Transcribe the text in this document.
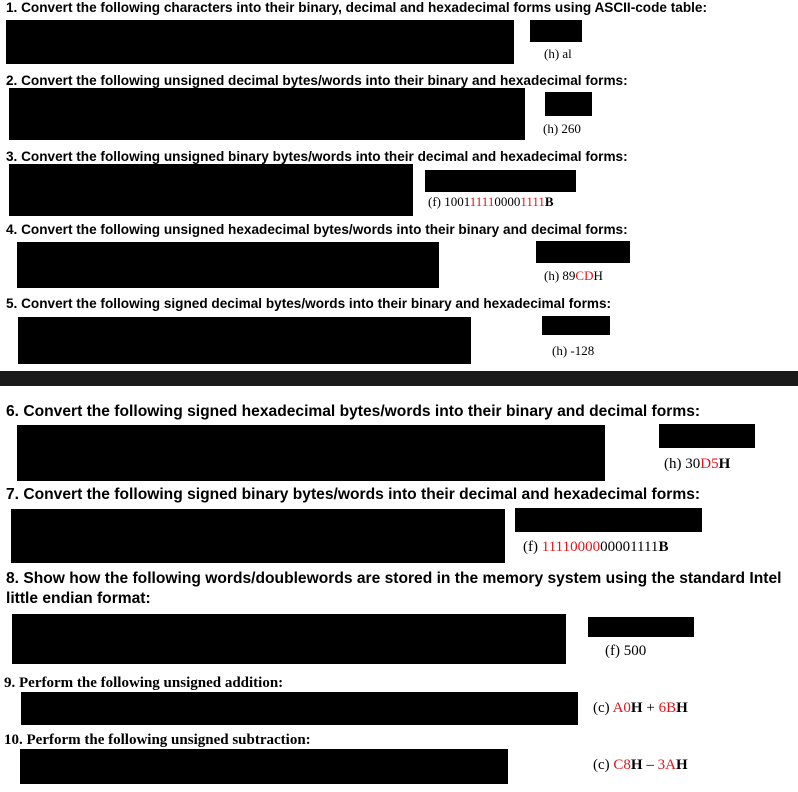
1. Convert the following characters into their binary, decimal and hexadecimal forms using ASCII-code table:
(h) al
2. Convert the following unsigned decimal bytes/words into their binary and hexadecimal forms:
(h) 260
3. Convert the following unsigned binary bytes/words into their decimal and hexadecimal forms:
(f) 1001111100001111B
4. Convert the following unsigned hexadecimal bytes/words into their binary and decimal forms:
(h) 89CDH
5. Convert the following signed decimal bytes/words into their binary and hexadecimal forms:
(h) -128
6. Convert the following signed hexadecimal bytes/words into their binary and decimal forms:
(h) 30D5H
7. Convert the following signed binary bytes/words into their decimal and hexadecimal forms:
(f) 1111000000001111B
8. Show how the following words/doublewords are stored in the memory system using the standard Intel little endian format:
(f) 500
9. Perform the following unsigned addition:
(c) A0H + 6BH
10. Perform the following unsigned subtraction:
(c) C8H – 3AH
